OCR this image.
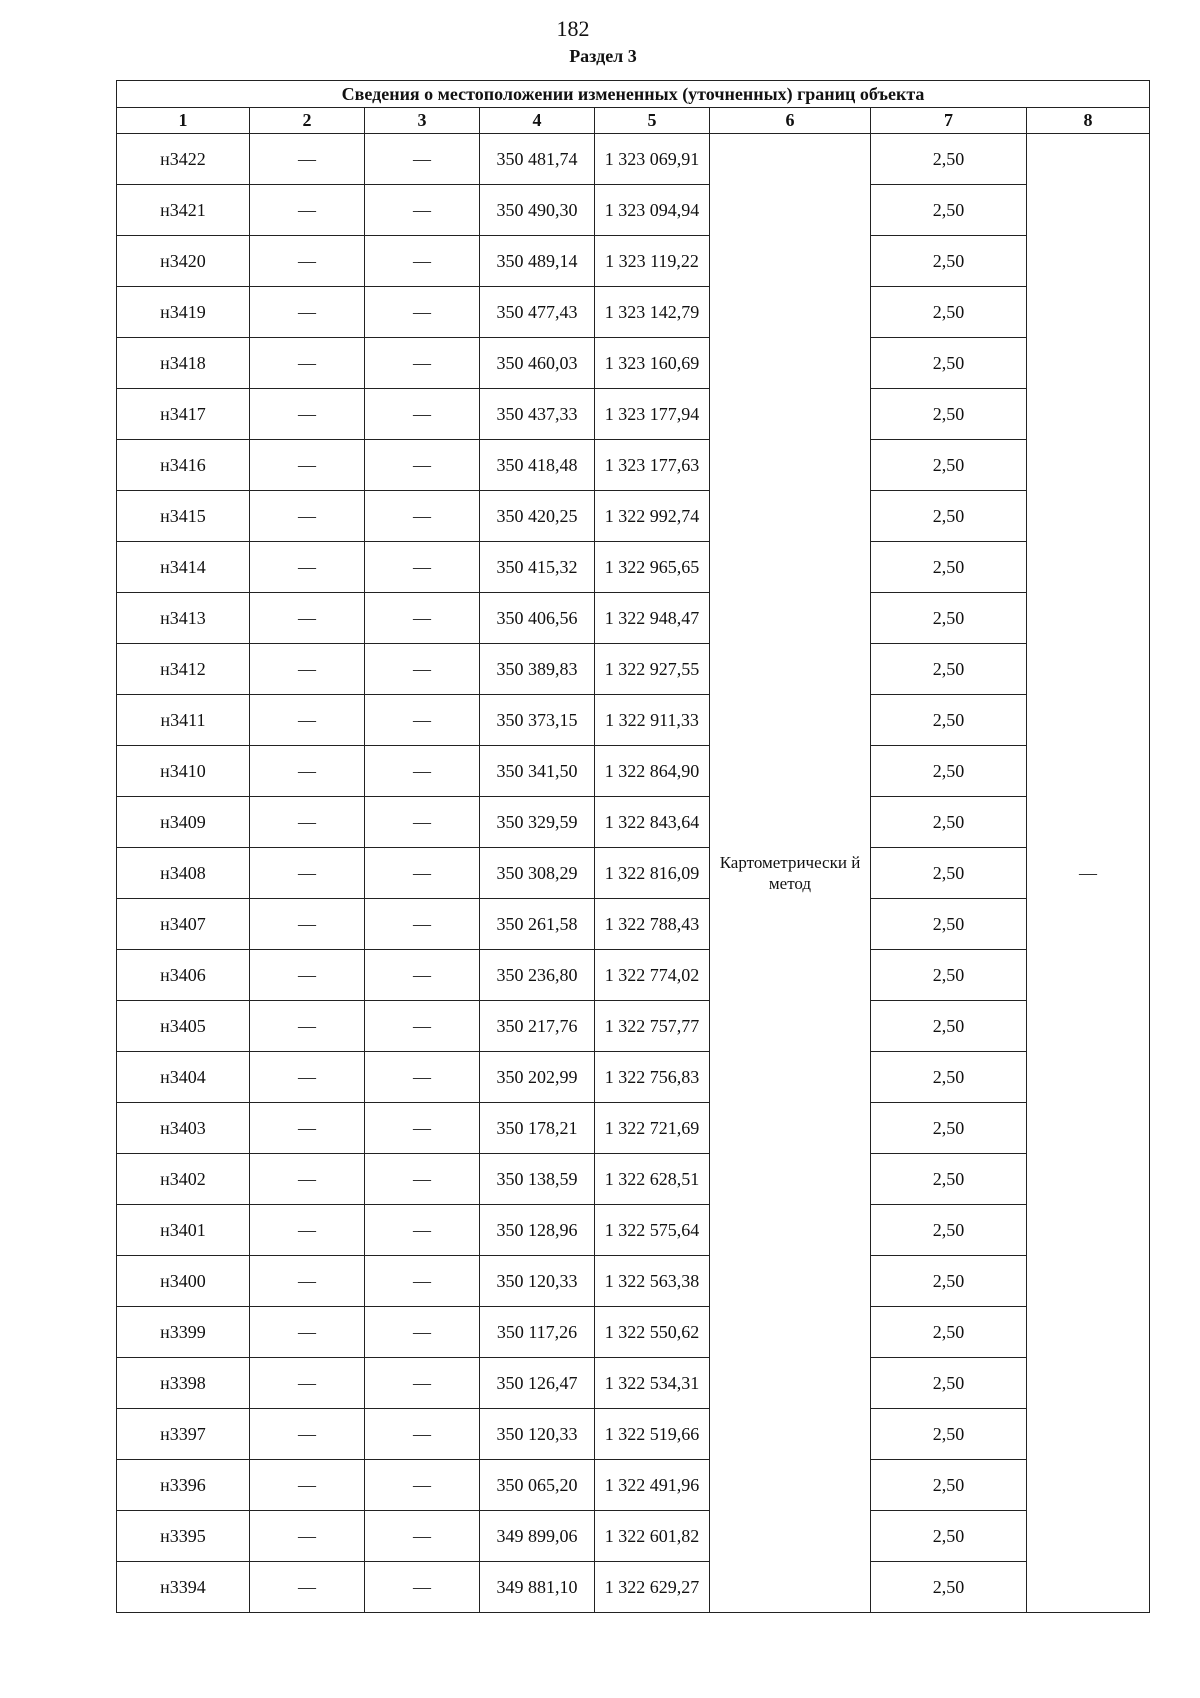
182
Раздел 3
Сведения о местоположении измененных (уточненных) границ объекта							
1	2	3	4	5	6	7	8
н3422	—	—	350 481,74	1 323 069,91	Картометрически й метод	2,50	—
н3421	—	—	350 490,30	1 323 094,94		2,50	
н3420	—	—	350 489,14	1 323 119,22		2,50	
н3419	—	—	350 477,43	1 323 142,79		2,50	
н3418	—	—	350 460,03	1 323 160,69		2,50	
н3417	—	—	350 437,33	1 323 177,94		2,50	
н3416	—	—	350 418,48	1 323 177,63		2,50	
н3415	—	—	350 420,25	1 322 992,74		2,50	
н3414	—	—	350 415,32	1 322 965,65		2,50	
н3413	—	—	350 406,56	1 322 948,47		2,50	
н3412	—	—	350 389,83	1 322 927,55		2,50	
н3411	—	—	350 373,15	1 322 911,33		2,50	
н3410	—	—	350 341,50	1 322 864,90		2,50	
н3409	—	—	350 329,59	1 322 843,64		2,50	
н3408	—	—	350 308,29	1 322 816,09		2,50	
н3407	—	—	350 261,58	1 322 788,43		2,50	
н3406	—	—	350 236,80	1 322 774,02		2,50	
н3405	—	—	350 217,76	1 322 757,77		2,50	
н3404	—	—	350 202,99	1 322 756,83		2,50	
н3403	—	—	350 178,21	1 322 721,69		2,50	
н3402	—	—	350 138,59	1 322 628,51		2,50	
н3401	—	—	350 128,96	1 322 575,64		2,50	
н3400	—	—	350 120,33	1 322 563,38		2,50	
н3399	—	—	350 117,26	1 322 550,62		2,50	
н3398	—	—	350 126,47	1 322 534,31		2,50	
н3397	—	—	350 120,33	1 322 519,66		2,50	
н3396	—	—	350 065,20	1 322 491,96		2,50	
н3395	—	—	349 899,06	1 322 601,82		2,50	
н3394	—	—	349 881,10	1 322 629,27		2,50	
